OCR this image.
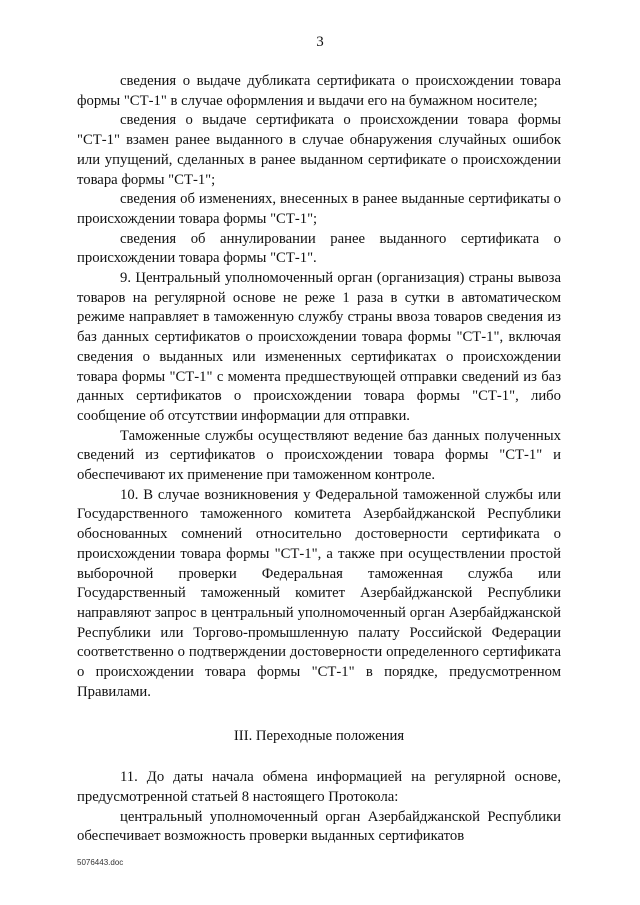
3

сведения о выдаче дубликата сертификата о происхождении товара формы "СТ-1" в случае оформления и выдачи его на бумажном носителе;

сведения о выдаче сертификата о происхождении товара формы "СТ-1" взамен ранее выданного в случае обнаружения случайных ошибок или упущений, сделанных в ранее выданном сертификате о происхождении товара формы "СТ-1";

сведения об изменениях, внесенных в ранее выданные сертификаты о происхождении товара формы "СТ-1";

сведения об аннулировании ранее выданного сертификата о происхождении товара формы "СТ-1".

9. Центральный уполномоченный орган (организация) страны вывоза товаров на регулярной основе не реже 1 раза в сутки в автоматическом режиме направляет в таможенную службу страны ввоза товаров сведения из баз данных сертификатов о происхождении товара формы "СТ-1", включая сведения о выданных или измененных сертификатах о происхождении товара формы "СТ-1" с момента предшествующей отправки сведений из баз данных сертификатов о происхождении товара формы "СТ-1", либо сообщение об отсутствии информации для отправки.

Таможенные службы осуществляют ведение баз данных полученных сведений из сертификатов о происхождении товара формы "СТ-1" и обеспечивают их применение при таможенном контроле.

10. В случае возникновения у Федеральной таможенной службы или Государственного таможенного комитета Азербайджанской Республики обоснованных сомнений относительно достоверности сертификата о происхождении товара формы "СТ-1", а также при осуществлении простой выборочной проверки Федеральная таможенная служба или Государственный таможенный комитет Азербайджанской Республики направляют запрос в центральный уполномоченный орган Азербайджанской Республики или Торгово-промышленную палату Российской Федерации соответственно о подтверждении достоверности определенного сертификата о происхождении товара формы "СТ-1" в порядке, предусмотренном Правилами.

III. Переходные положения

11. До даты начала обмена информацией на регулярной основе, предусмотренной статьей 8 настоящего Протокола:

центральный уполномоченный орган Азербайджанской Республики обеспечивает возможность проверки выданных сертификатов

5076443.doc
